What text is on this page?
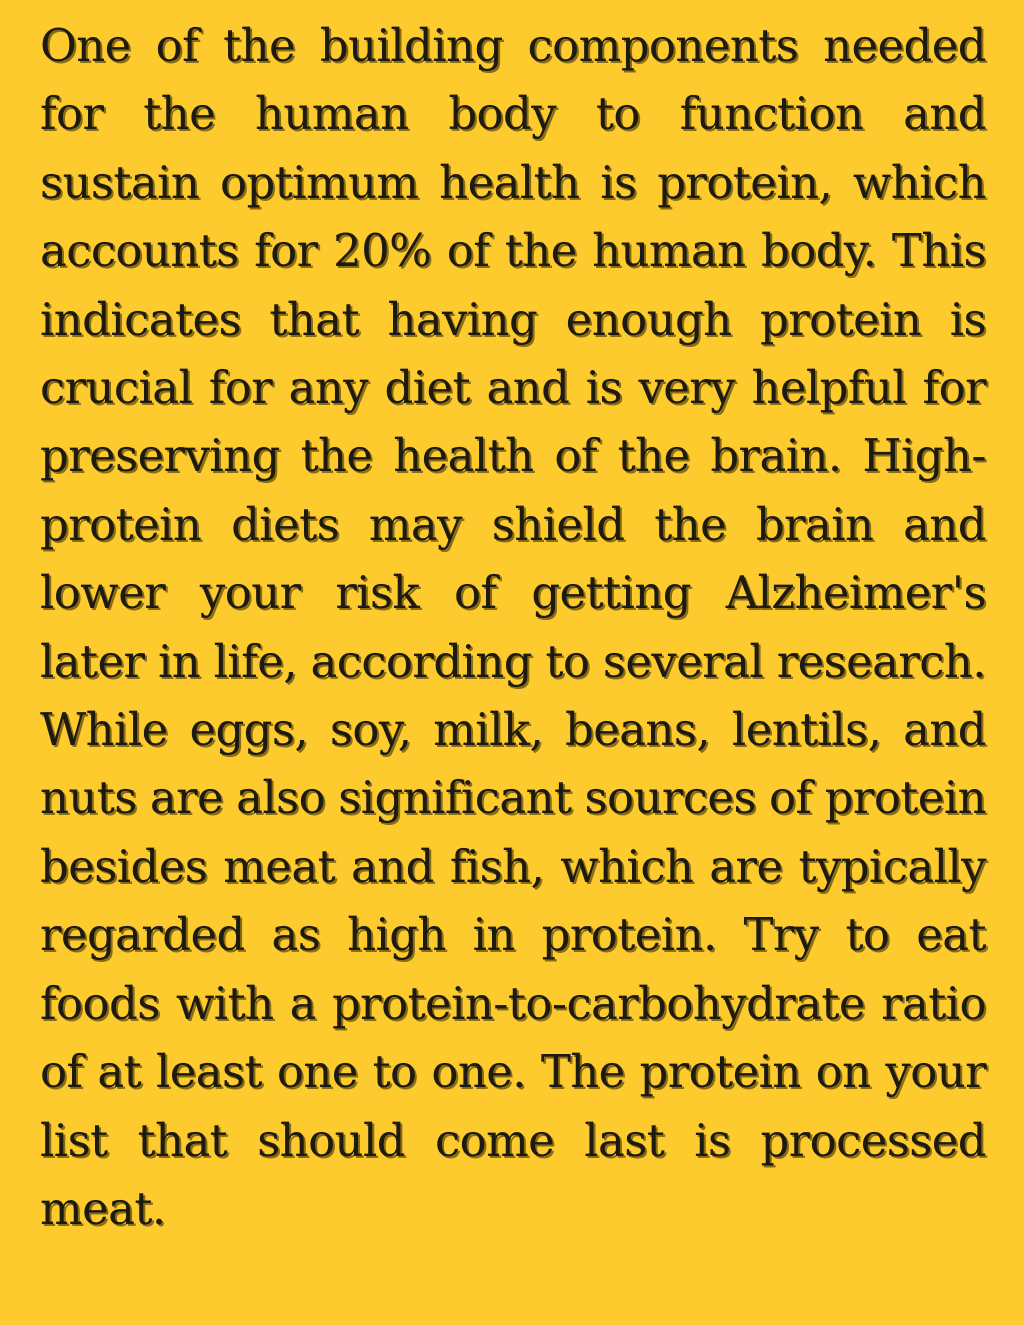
One of the building components needed for the human body to function and sustain optimum health is protein, which accounts for 20% of the human body. This indicates that having enough protein is crucial for any diet and is very helpful for preserving the health of the brain. High-protein diets may shield the brain and lower your risk of getting Alzheimer's later in life, according to several research. While eggs, soy, milk, beans, lentils, and nuts are also significant sources of protein besides meat and fish, which are typically regarded as high in protein. Try to eat foods with a protein-to-carbohydrate ratio of at least one to one. The protein on your list that should come last is processed meat.
